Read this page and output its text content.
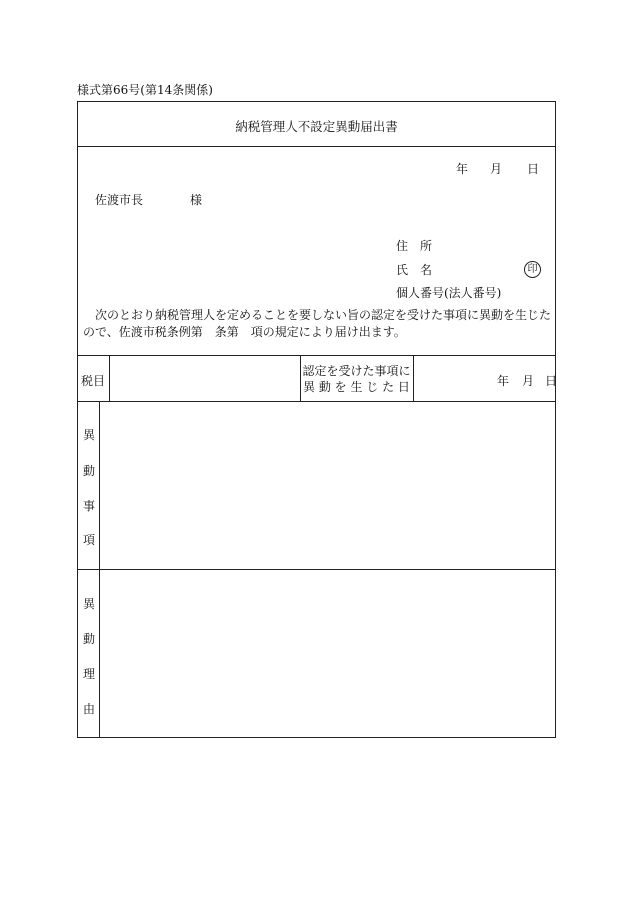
様式第66号(第14条関係)
納税管理人不設定異動届出書
年 月 日
佐渡市長	様
住　所
氏　名	印
個人番号(法人番号)
次のとおり納税管理人を定めることを要しない旨の認定を受けた事項に異動を生じたので、佐渡市税条例第　条第　項の規定により届け出ます。
税目
認定を受けた事項に
異 動 を 生 じ た 日	年 月 日
異
動
事
項
異
動
理
由
